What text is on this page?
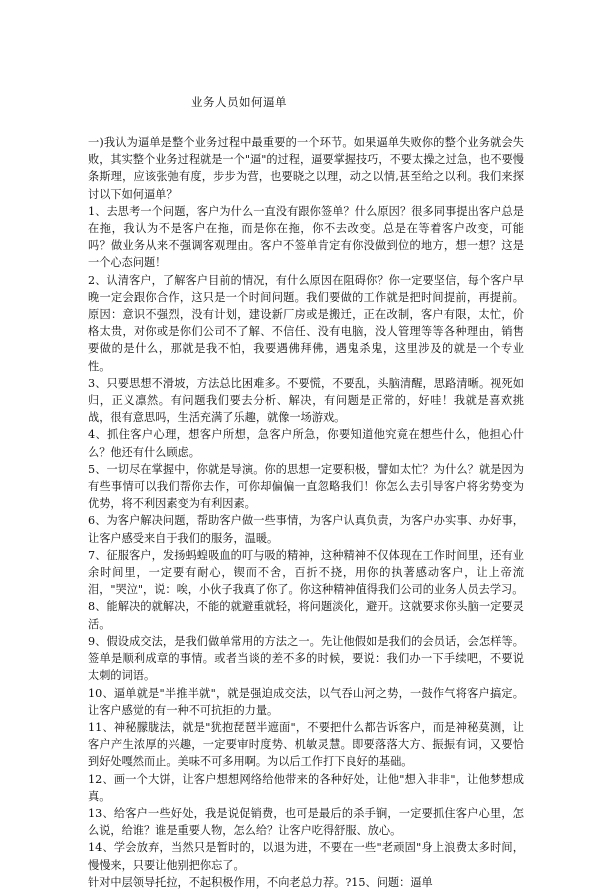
业务人员如何逼单

一)我认为逼单是整个业务过程中最重要的一个环节。如果逼单失败你的整个业务就会失败，其实整个业务过程就是一个"逼"的过程，逼要掌握技巧，不要太操之过急，也不要慢条斯理，应该张弛有度，步步为营，也要晓之以理，动之以情,甚至给之以利。我们来探讨以下如何逼单？

1、去思考一个问题，客户为什么一直没有跟你签单？什么原因？很多同事提出客户总是在拖，我认为不是客户在拖，而是你在拖，你不去改变。总是在等着客户改变，可能吗？做业务从来不强调客观理由。客户不签单肯定有你没做到位的地方，想一想？这是一个心态问题！

2、认清客户，了解客户目前的情况，有什么原因在阻碍你？你一定要坚信，每个客户早晚一定会跟你合作，这只是一个时间问题。我们要做的工作就是把时间提前，再提前。原因：意识不强烈，没有计划，建设新厂房或是搬迁，正在改制，客户有限，太忙，价格太贵，对你或是你们公司不了解、不信任、没有电脑，没人管理等等各种理由，销售要做的是什么，那就是我不怕，我要遇佛拜佛，遇鬼杀鬼，这里涉及的就是一个专业性。

3、只要思想不滑坡，方法总比困难多。不要慌，不要乱，头脑清醒，思路清晰。视死如归，正义凛然。有问题我们要去分析、解决，有问题是正常的，好哇！我就是喜欢挑战，很有意思吗，生活充满了乐趣，就像一场游戏。

4、抓住客户心理，想客户所想，急客户所急，你要知道他究竟在想些什么，他担心什么？他还有什么顾虑。

5、一切尽在掌握中，你就是导演。你的思想一定要积极，譬如太忙？为什么？就是因为有些事情可以我们帮你去作，可你却偏偏一直忽略我们！你怎么去引导客户将劣势变为优势，将不利因素变为有利因素。

6、为客户解决问题，帮助客户做一些事情，为客户认真负责，为客户办实事、办好事，让客户感受来自于我们的服务，温暖。

7、征服客户，发扬蚂蝗吸血的叮与吸的精神，这种精神不仅体现在工作时间里，还有业余时间里，一定要有耐心，锲而不舍，百折不挠，用你的执著感动客户，让上帝流泪，"哭泣"，说：唉，小伙子我真了你了。你这种精神值得我们公司的业务人员去学习。

8、能解决的就解决，不能的就避重就轻，将问题淡化，避开。这就要求你头脑一定要灵活。

9、假设成交法，是我们做单常用的方法之一。先让他假如是我们的会员话，会怎样等。签单是顺利成章的事情。或者当谈的差不多的时候，要说：我们办一下手续吧，不要说太刺的词语。

10、逼单就是"半推半就"，就是强迫成交法，以气吞山河之势，一鼓作气将客户搞定。让客户感觉的有一种不可抗拒的力量。

11、神秘朦胧法，就是"犹抱琵琶半遮面"，不要把什么都告诉客户，而是神秘莫测，让客户产生浓厚的兴趣，一定要审时度势、机敏灵慧。即要落落大方、振振有词，又要恰到好处嘎然而止。美味不可多用啊。为以后工作打下良好的基础。

12、画一个大饼，让客户想想网络给他带来的各种好处，让他"想入非非"，让他梦想成真。

13、给客户一些好处，我是说促销费，也可是最后的杀手锏，一定要抓住客户心里，怎么说，给谁？谁是重要人物，怎么给？让客户吃得舒服、放心。

14、学会放弃，当然只是暂时的，以退为进，不要在一些"老顽固"身上浪费太多时间，慢慢来，只要让他别把你忘了。

针对中层领导托拉，不起积极作用，不向老总力荐。?15、问题：逼单
